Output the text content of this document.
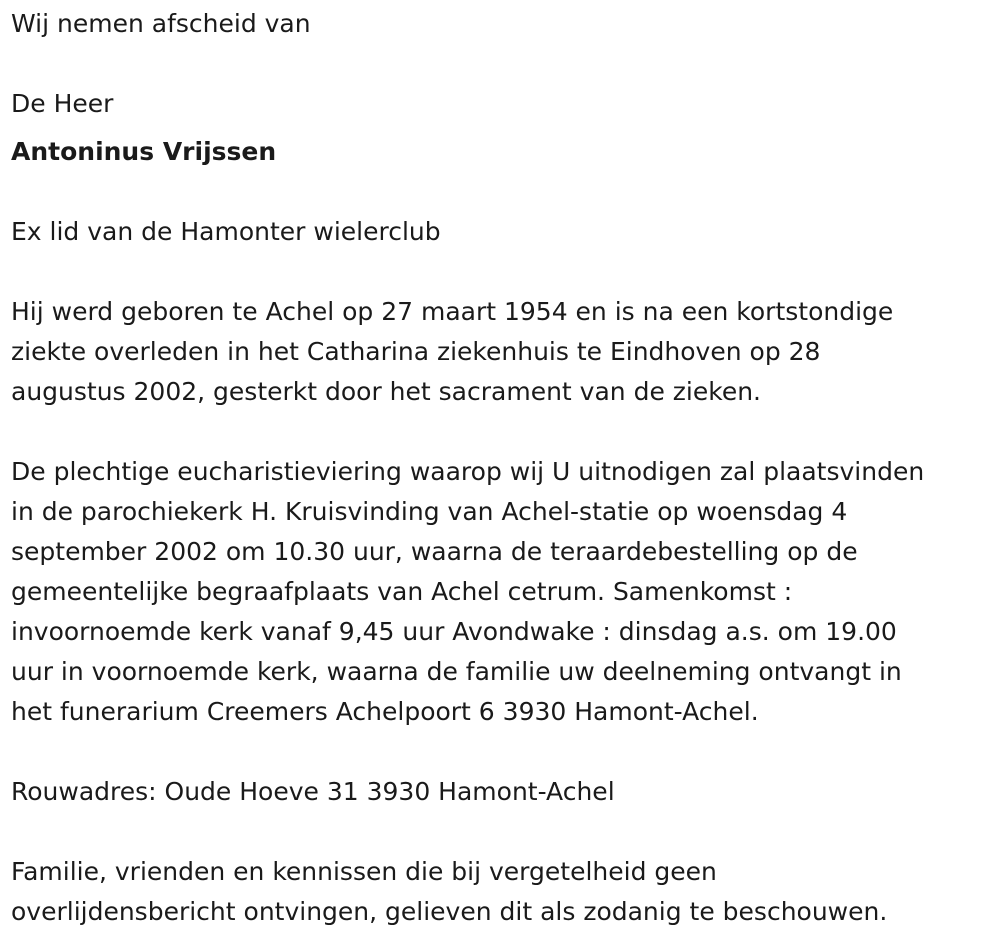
Wij nemen afscheid van

De Heer

Antoninus Vrijssen

Ex lid van de Hamonter wielerclub

Hij werd geboren te Achel op 27 maart 1954 en is na een kortstondige

ziekte overleden in het Catharina ziekenhuis te Eindhoven op 28

augustus 2002, gesterkt door het sacrament van de zieken.

De plechtige eucharistieviering waarop wij U uitnodigen zal plaatsvinden

in de parochiekerk H. Kruisvinding van Achel-statie op woensdag 4

september 2002 om 10.30 uur, waarna de teraardebestelling op de

gemeentelijke begraafplaats van Achel cetrum. Samenkomst :

invoornoemde kerk vanaf 9,45 uur Avondwake : dinsdag a.s. om 19.00

uur in voornoemde kerk, waarna de familie uw deelneming ontvangt in

het funerarium Creemers Achelpoort 6 3930 Hamont-Achel.

Rouwadres: Oude Hoeve 31 3930 Hamont-Achel

Familie, vrienden en kennissen die bij vergetelheid geen

overlijdensbericht ontvingen, gelieven dit als zodanig te beschouwen.
